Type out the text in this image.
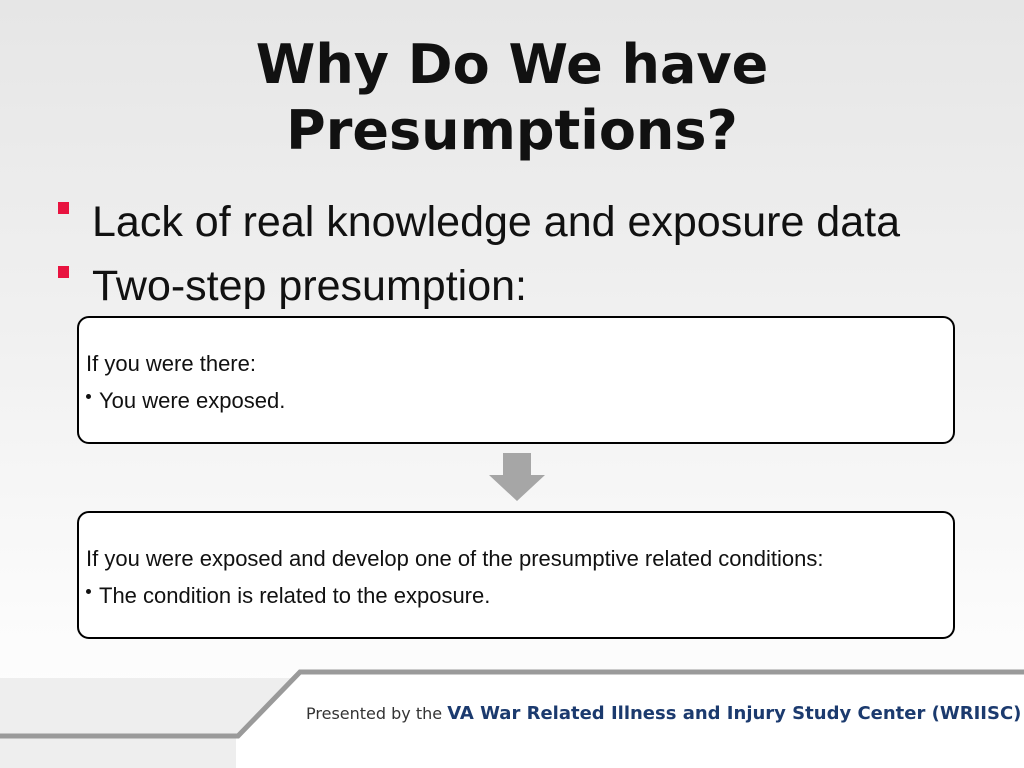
Why Do We have
Presumptions?
Lack of real knowledge and exposure data
Two-step presumption:
If you were there:
You were exposed.
If you were exposed and develop one of the presumptive related conditions:
The condition is related to the exposure.
Presented by the VA War Related Illness and Injury Study Center (WRIISC)
